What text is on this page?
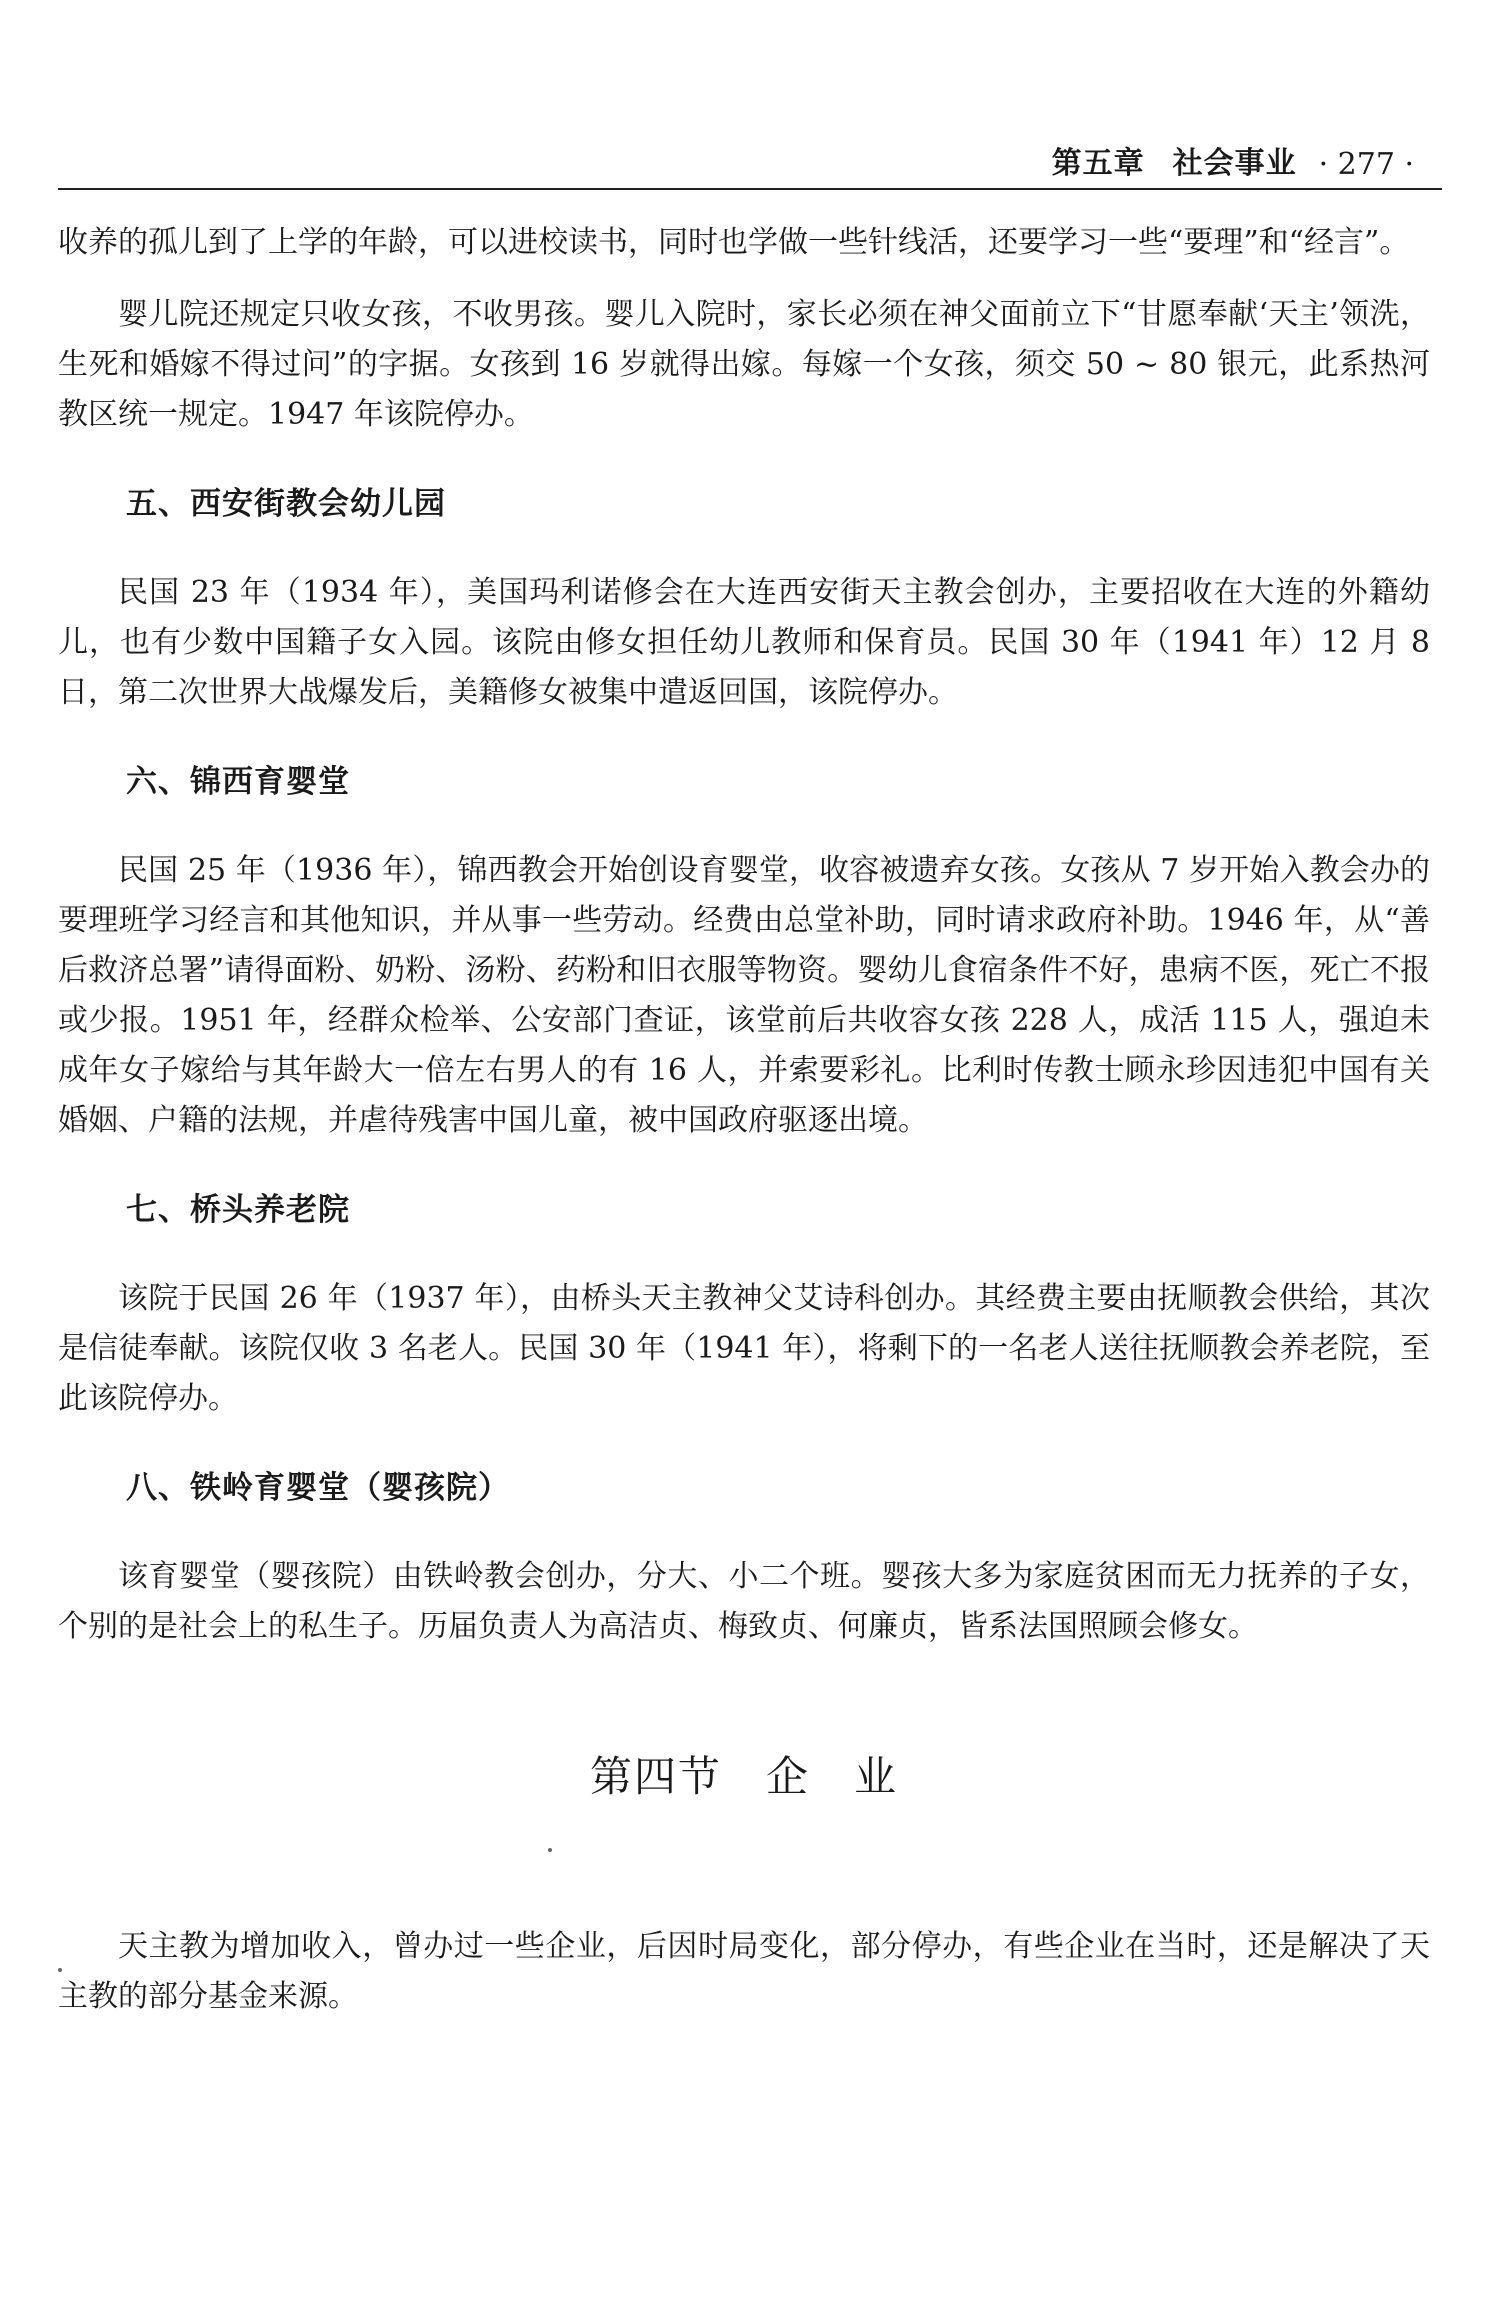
第五章 社会事业 · 277 ·

收养的孤儿到了上学的年龄，可以进校读书，同时也学做一些针线活，还要学习一些“要理”和“经言”。

婴儿院还规定只收女孩，不收男孩。婴儿入院时，家长必须在神父面前立下“甘愿奉献‘天主’领洗，生死和婚嫁不得过问”的字据。女孩到 16 岁就得出嫁。每嫁一个女孩，须交 50 ~ 80 银元，此系热河教区统一规定。1947 年该院停办。

五、西安街教会幼儿园

民国 23 年（1934 年），美国玛利诺修会在大连西安街天主教会创办，主要招收在大连的外籍幼儿，也有少数中国籍子女入园。该院由修女担任幼儿教师和保育员。民国 30 年（1941 年）12 月 8 日，第二次世界大战爆发后，美籍修女被集中遣返回国，该院停办。

六、锦西育婴堂

民国 25 年（1936 年），锦西教会开始创设育婴堂，收容被遗弃女孩。女孩从 7 岁开始入教会办的要理班学习经言和其他知识，并从事一些劳动。经费由总堂补助，同时请求政府补助。1946 年，从“善后救济总署”请得面粉、奶粉、汤粉、药粉和旧衣服等物资。婴幼儿食宿条件不好，患病不医，死亡不报或少报。1951 年，经群众检举、公安部门查证，该堂前后共收容女孩 228 人，成活 115 人，强迫未成年女子嫁给与其年龄大一倍左右男人的有 16 人，并索要彩礼。比利时传教士顾永珍因违犯中国有关婚姻、户籍的法规，并虐待残害中国儿童，被中国政府驱逐出境。

七、桥头养老院

该院于民国 26 年（1937 年），由桥头天主教神父艾诗科创办。其经费主要由抚顺教会供给，其次是信徒奉献。该院仅收 3 名老人。民国 30 年（1941 年），将剩下的一名老人送往抚顺教会养老院，至此该院停办。

八、铁岭育婴堂（婴孩院）

该育婴堂（婴孩院）由铁岭教会创办，分大、小二个班。婴孩大多为家庭贫困而无力抚养的子女，个别的是社会上的私生子。历届负责人为高洁贞、梅致贞、何廉贞，皆系法国照顾会修女。

第四节　企　业

天主教为增加收入，曾办过一些企业，后因时局变化，部分停办，有些企业在当时，还是解决了天主教的部分基金来源。
